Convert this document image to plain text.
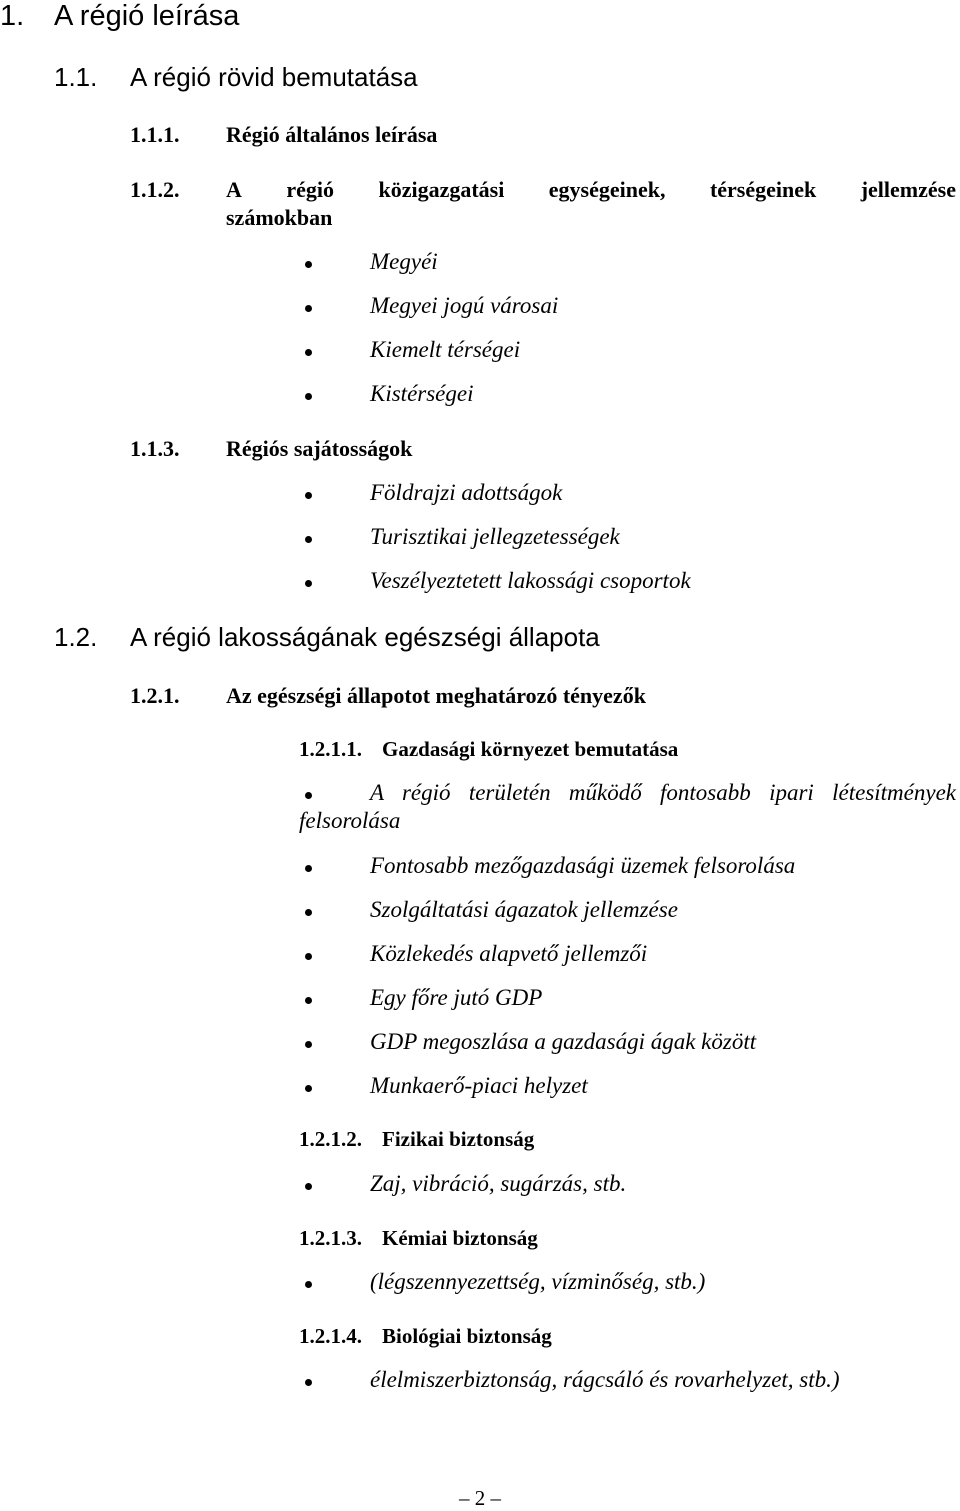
1. A régió leírása
1.1. A régió rövid bemutatása
1.1.1. Régió általános leírása
1.1.2. A régió közigazgatási egységeinek, térségeinek jellemzése
számokban
Megyéi
Megyei jogú városai
Kiemelt térségei
Kistérségei
1.1.3. Régiós sajátosságok
Földrajzi adottságok
Turisztikai jellegzetességek
Veszélyeztetett lakossági csoportok
1.2. A régió lakosságának egészségi állapota
1.2.1. Az egészségi állapotot meghatározó tényezők
1.2.1.1. Gazdasági környezet bemutatása
A régió területén működő fontosabb ipari létesítmények
felsorolása
Fontosabb mezőgazdasági üzemek felsorolása
Szolgáltatási ágazatok jellemzése
Közlekedés alapvető jellemzői
Egy főre jutó GDP
GDP megoszlása a gazdasági ágak között
Munkaerő-piaci helyzet
1.2.1.2. Fizikai biztonság
Zaj, vibráció, sugárzás, stb.
1.2.1.3. Kémiai biztonság
(légszennyezettség, vízminőség, stb.)
1.2.1.4. Biológiai biztonság
élelmiszerbiztonság, rágcsáló és rovarhelyzet, stb.)
– 2 –
